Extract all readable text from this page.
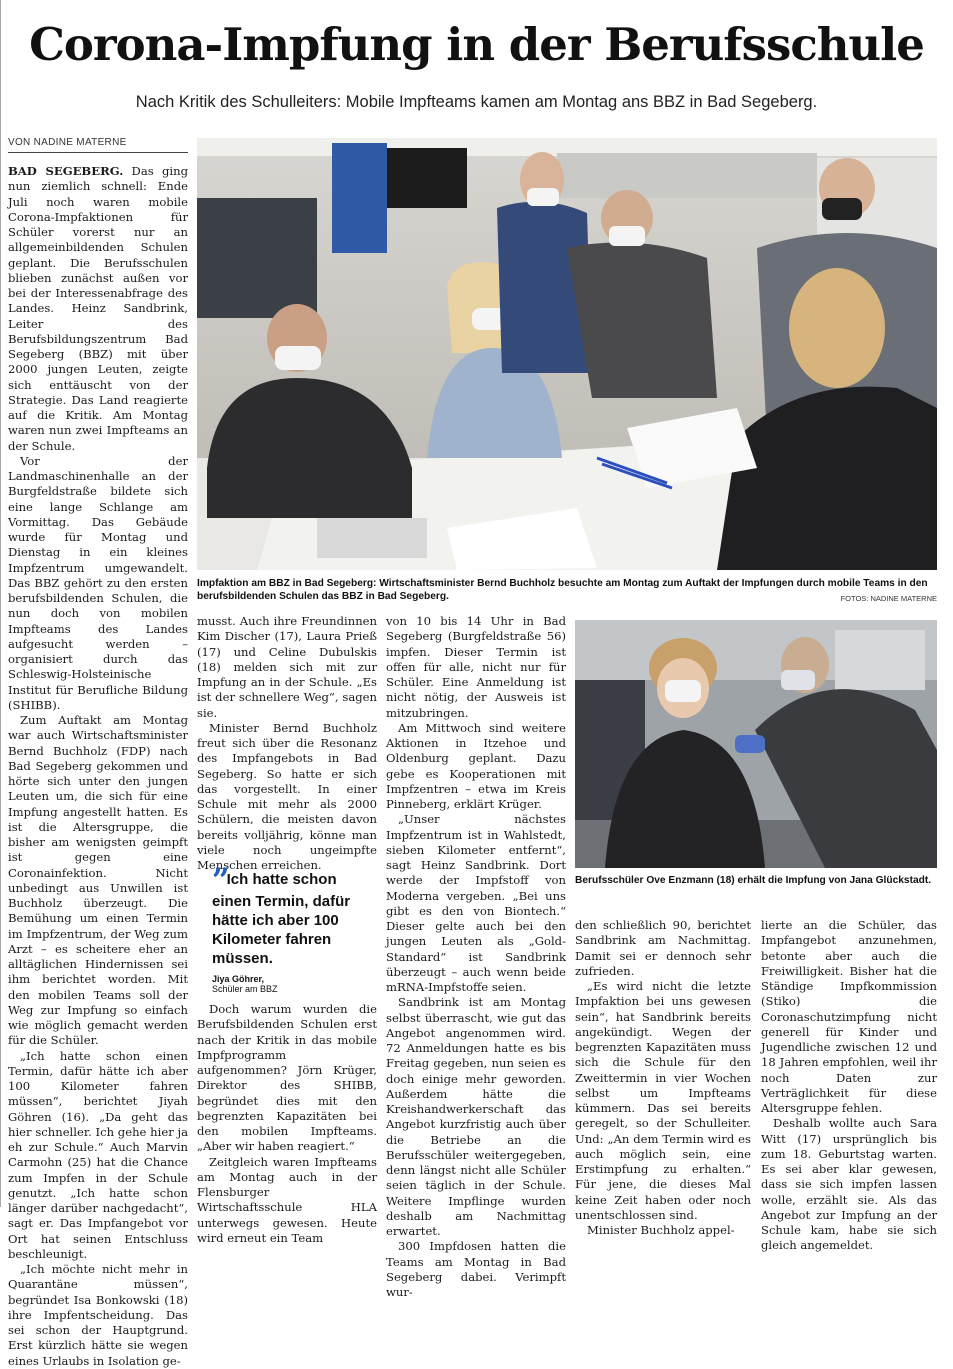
Corona-Impfung in der Berufsschule
Nach Kritik des Schulleiters: Mobile Impfteams kamen am Montag ans BBZ in Bad Segeberg.
VON NADINE MATERNE

BAD SEGEBERG. Das ging nun ziemlich schnell: Ende Juli noch waren mobile Corona-Impfaktionen für Schüler vorerst nur an allgemeinbildenden Schulen geplant. Die Berufsschulen blieben zunächst außen vor bei der Interessenabfrage des Landes. Heinz Sandbrink, Leiter des Berufsbildungszentrum Bad Segeberg (BBZ) mit über 2000 jungen Leuten, zeigte sich enttäuscht von der Strategie. Das Land reagierte auf die Kritik. Am Montag waren nun zwei Impfteams an der Schule.

Vor der Landmaschinenhalle an der Burgfeldstraße bildete sich eine lange Schlange am Vormittag. Das Gebäude wurde für Montag und Dienstag in ein kleines Impfzentrum umgewandelt. Das BBZ gehört zu den ersten berufsbildenden Schulen, die nun doch von mobilen Impfteams des Landes aufgesucht werden – organisiert durch das Schleswig-Holsteinische Institut für Berufliche Bildung (SHIBB).

Zum Auftakt am Montag war auch Wirtschaftsminister Bernd Buchholz (FDP) nach Bad Segeberg gekommen und hörte sich unter den jungen Leuten um, die sich für eine Impfung angestellt hatten. Es ist die Altersgruppe, die bisher am wenigsten geimpft ist gegen eine Coronainfektion. Nicht unbedingt aus Unwillen ist Buchholz überzeugt. Die Bemühung um einen Termin im Impfzentrum, der Weg zum Arzt – es scheitere eher an alltäglichen Hindernissen sei ihm berichtet worden. Mit den mobilen Teams soll der Weg zur Impfung so einfach wie möglich gemacht werden für die Schüler.

„Ich hatte schon einen Termin, dafür hätte ich aber 100 Kilometer fahren müssen“, berichtet Jiyah Göhren (16). „Da geht das hier schneller. Ich gehe hier ja eh zur Schule.“ Auch Marvin Carmohn (25) hat die Chance zum Impfen in der Schule genutzt. „Ich hatte schon länger darüber nachgedacht“, sagt er. Das Impfangebot vor Ort hat seinen Entschluss beschleunigt.

„Ich möchte nicht mehr in Quarantäne müssen“, begründet Isa Bonkowski (18) ihre Impfentscheidung. Das sei schon der Hauptgrund. Erst kürzlich hätte sie wegen eines Urlaubs in Isolation ge-

Impfaktion am BBZ in Bad Segeberg: Wirtschaftsminister Bernd Buchholz besuchte am Montag zum Auftakt der Impfungen durch mobile Teams in den berufsbildenden Schulen das BBZ in Bad Segeberg.	FOTOS: NADINE MATERNE

musst. Auch ihre Freundinnen Kim Discher (17), Laura Prieß (17) und Celine Dubulskis (18) melden sich mit zur Impfung an in der Schule. „Es ist der schnellere Weg“, sagen sie.

Minister Bernd Buchholz freut sich über die Resonanz des Impfangebots in Bad Segeberg. So hatte er sich das vorgestellt. In einer Schule mit mehr als 2000 Schülern, die meisten davon bereits volljährig, könne man viele noch ungeimpfte Menschen erreichen.

”Ich hatte schon einen Termin, dafür hätte ich aber 100 Kilometer fahren müssen.
Jiya Göhrer,
Schüler am BBZ

Doch warum wurden die Berufsbildenden Schulen erst nach der Kritik in das mobile Impfprogramm aufgenommen? Jörn Krüger, Direktor des SHIBB, begründet dies mit den begrenzten Kapazitäten bei den mobilen Impfteams. „Aber wir haben reagiert.“

Zeitgleich waren Impfteams am Montag auch in der Flensburger Wirtschaftsschule HLA unterwegs gewesen. Heute wird erneut ein Team

von 10 bis 14 Uhr in Bad Segeberg (Burgfeldstraße 56) impfen. Dieser Termin ist offen für alle, nicht nur für Schüler. Eine Anmeldung ist nicht nötig, der Ausweis ist mitzubringen.

Am Mittwoch sind weitere Aktionen in Itzehoe und Oldenburg geplant. Dazu gebe es Kooperationen mit Impfzentren – etwa im Kreis Pinneberg, erklärt Krüger.

„Unser nächstes Impfzentrum ist in Wahlstedt, sieben Kilometer entfernt“, sagt Heinz Sandbrink. Dort werde der Impfstoff von Moderna vergeben. „Bei uns gibt es den von Biontech.“ Dieser gelte auch bei den jungen Leuten als „Gold-Standard“ ist Sandbrink überzeugt – auch wenn beide mRNA-Impfstoffe seien.

Sandbrink ist am Montag selbst überrascht, wie gut das Angebot angenommen wird. 72 Anmeldungen hatte es bis Freitag gegeben, nun seien es doch einige mehr geworden. Außerdem hätte die Kreishandwerkerschaft das Angebot kurzfristig auch über die Betriebe an die Berufsschüler weitergegeben, denn längst nicht alle Schüler seien täglich in der Schule. Weitere Impflinge wurden deshalb am Nachmittag erwartet.

300 Impfdosen hatten die Teams am Montag in Bad Segeberg dabei. Verimpft wur-

Berufsschüler Ove Enzmann (18) erhält die Impfung von Jana Glückstadt.

den schließlich 90, berichtet Sandbrink am Nachmittag. Damit sei er dennoch sehr zufrieden.

„Es wird nicht die letzte Impfaktion bei uns gewesen sein“, hat Sandbrink bereits angekündigt. Wegen der begrenzten Kapazitäten muss sich die Schule für den Zweittermin in vier Wochen selbst um Impfteams kümmern. Das sei bereits geregelt, so der Schulleiter. Und: „An dem Termin wird es auch möglich sein, eine Erstimpfung zu erhalten.“ Für jene, die dieses Mal keine Zeit haben oder noch unentschlossen sind.

Minister Buchholz appel-

lierte an die Schüler, das Impfangebot anzunehmen, betonte aber auch die Freiwilligkeit. Bisher hat die Ständige Impfkommission (Stiko) die Coronaschutzimpfung nicht generell für Kinder und Jugendliche zwischen 12 und 18 Jahren empfohlen, weil ihr noch Daten zur Verträglichkeit für diese Altersgruppe fehlen.

Deshalb wollte auch Sara Witt (17) ursprünglich bis zum 18. Geburtstag warten. Es sei aber klar gewesen, dass sie sich impfen lassen wolle, erzählt sie. Als das Angebot zur Impfung an der Schule kam, habe sie sich gleich angemeldet.
